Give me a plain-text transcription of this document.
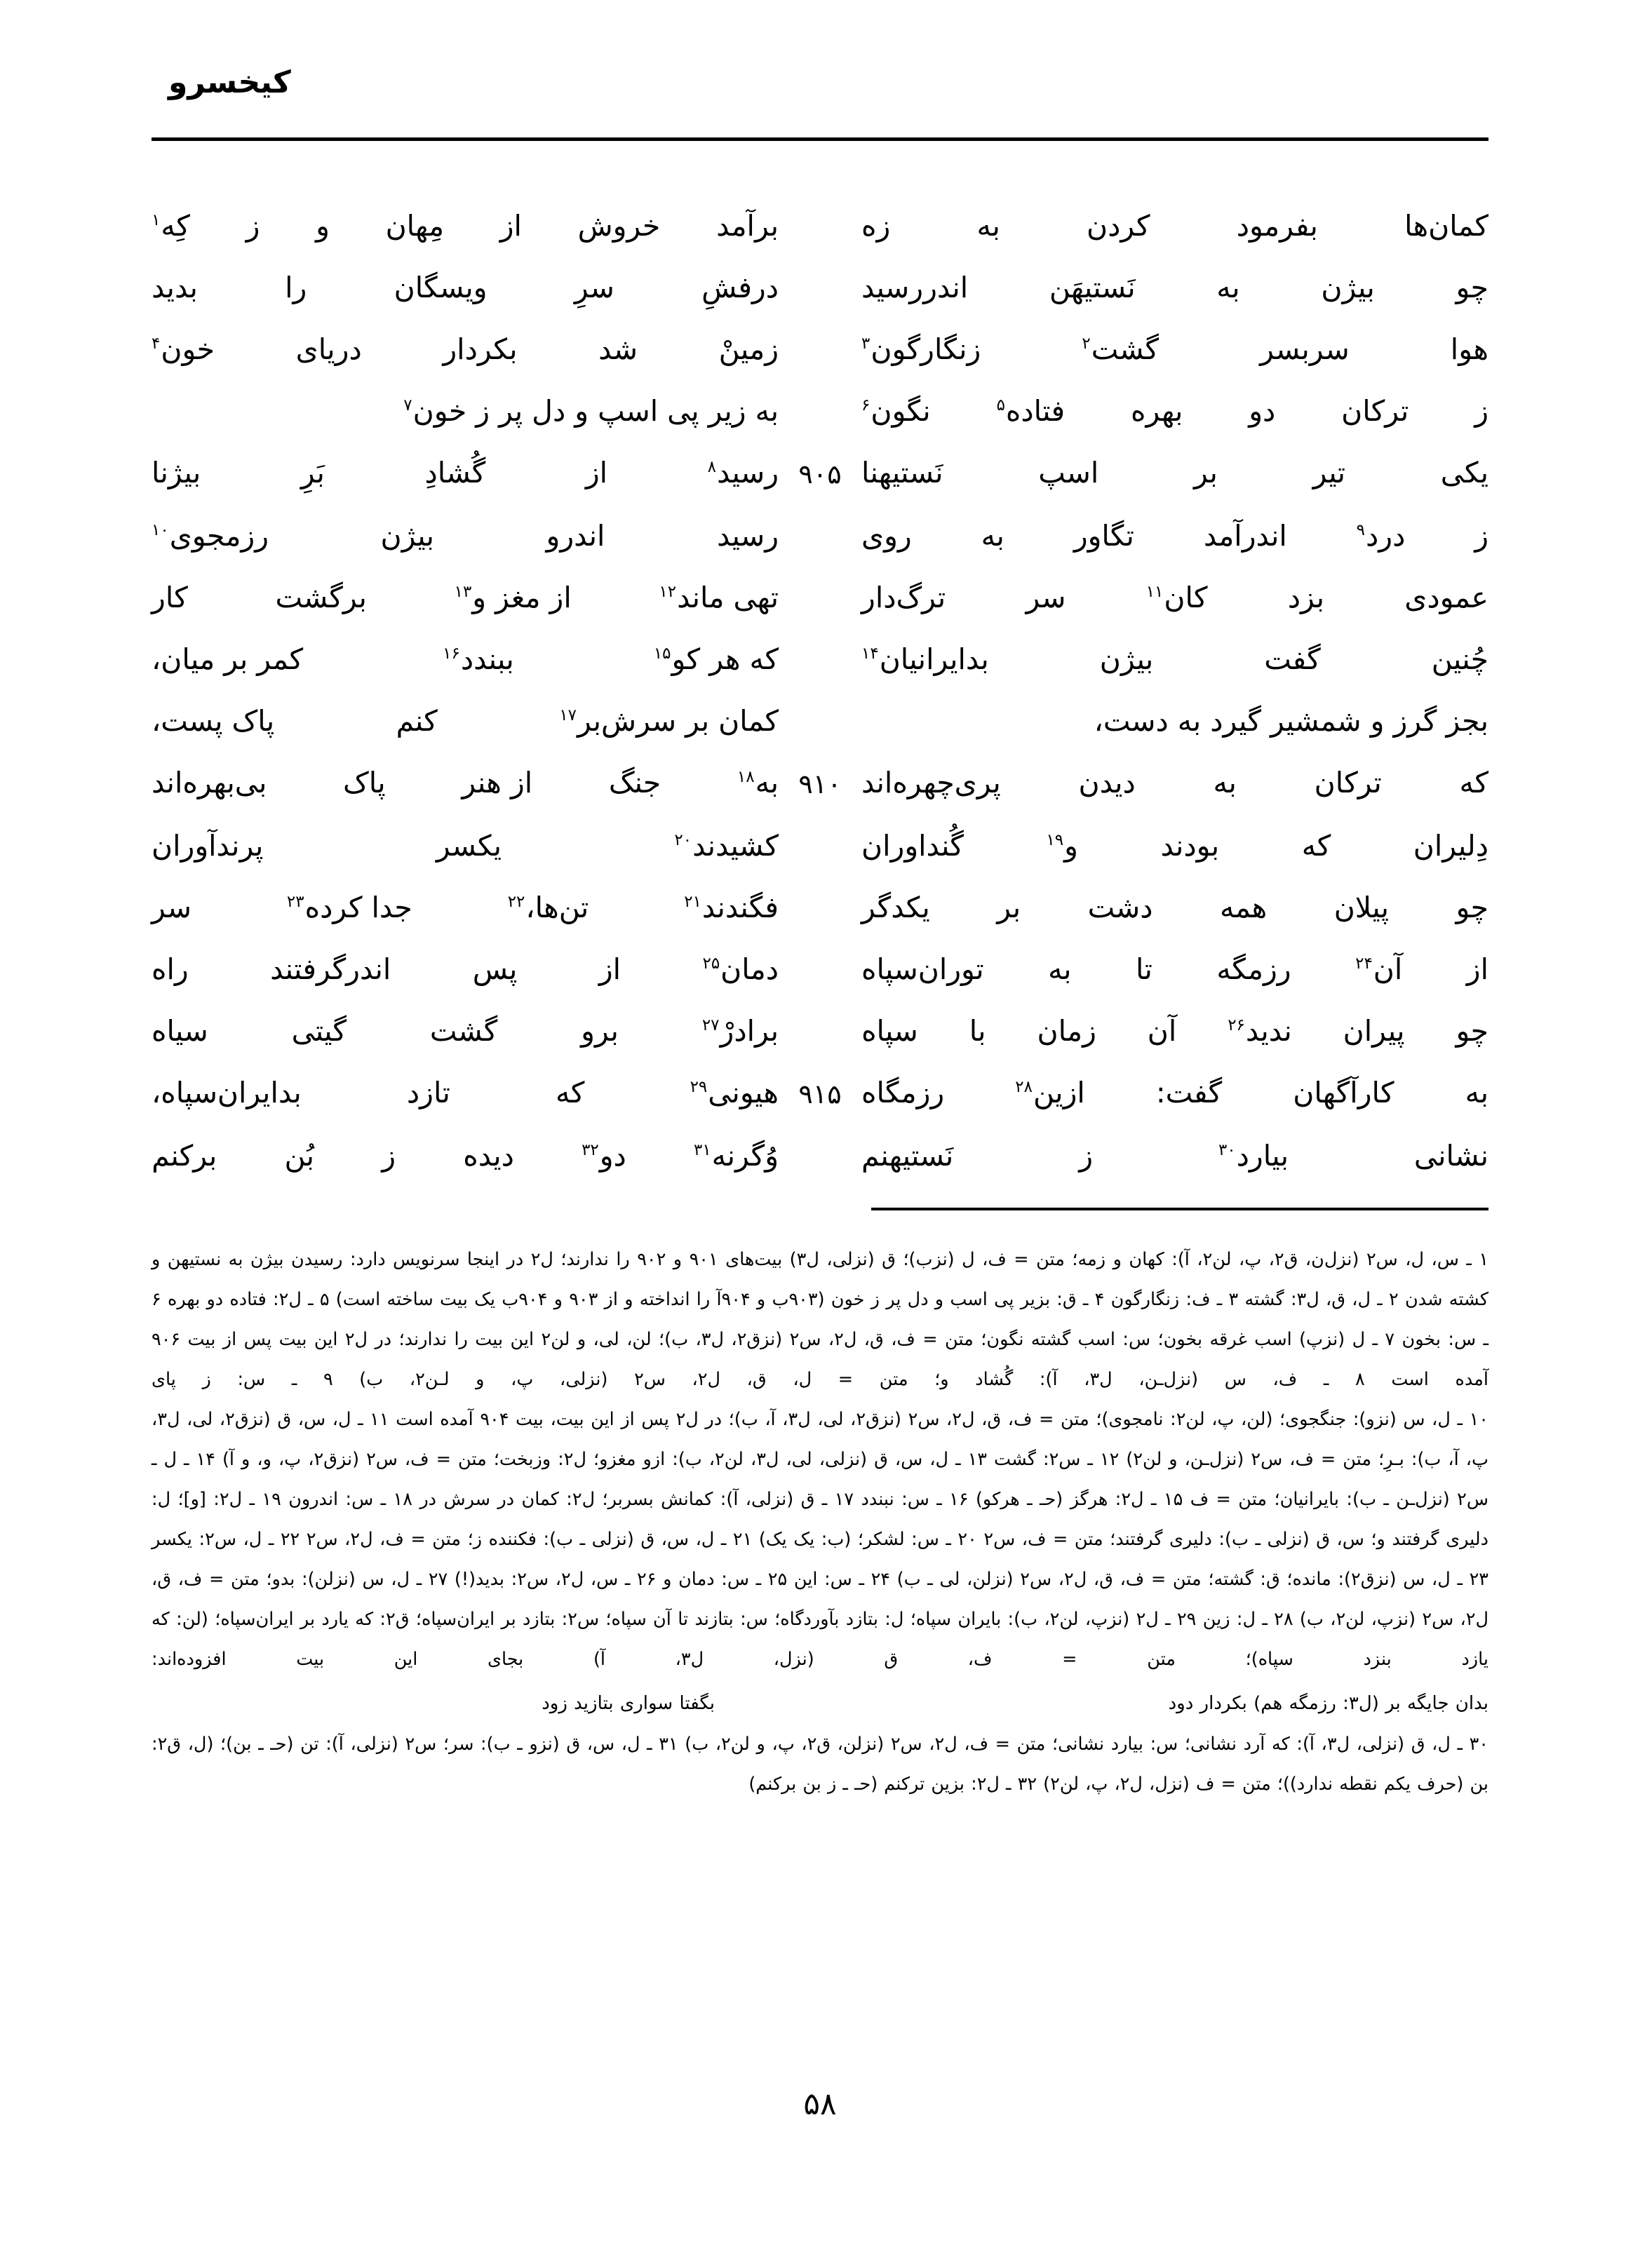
کیخسرو
کمان‌ها
بفرمود
کردن
به
زه
برآمد
خروش
از
مِهان
و
ز
کِه$^۱$
چو
بیژن
به
نَستیهَن
اندررسید
درفشِ
سرِ
ویسگان
را
بدید
هوا
سربسر
گشت$^۲$
زنگارگون$^۳$
زمینْ
شد
بکردار
دریای
خون$^۴$
ز
ترکان
دو
بهره
فتاده$^۵$
نگون$^۶$
به زیر پی اسپ و دل پر ز خون$^۷$
یکی
تیر
بر
اسپ
نَستیهنا
۹۰۵
رسید$^۸$
از
گُشادِ
بَرِ
بیژنا
ز
درد$^۹$
اندرآمد
تگاور
به
روی
رسید
اندرو
بیژن
رزمجوی$^{۱۰}$
عمودی
بزد
کان$^{۱۱}$
سر
ترگ‌دار
تهی ماند$^{۱۲}$
از مغز و$^{۱۳}$
برگشت
کار
چُنین
گفت
بیژن
بدایرانیان$^{۱۴}$
که هر کو$^{۱۵}$
ببندد$^{۱۶}$
کمر بر میان،
بجز گرز و شمشیر گیرد به دست،
کمان بر سرش‌بر$^{۱۷}$
کنم
پاک پست،
که
ترکان
به
دیدن
پری‌چهره‌اند
۹۱۰
به$^{۱۸}$
جنگ
از هنر
پاک
بی‌بهره‌اند
دِلیران
که
بودند
و$^{۱۹}$
گُنداوران
کشیدند$^{۲۰}$
یکسر
پرندآوران
چو
پیلان
همه
دشت
بر
یکدگر
فگندند$^{۲۱}$
تن‌ها،$^{۲۲}$
جدا کرده$^{۲۳}$
سر
از
آن$^{۲۴}$
رزمگه
تا
به
توران‌سپاه
دمان$^{۲۵}$
از
پس
اندرگرفتند
راه
چو
پیران
ندید$^{۲۶}$
آن
زمان
با
سپاه
برادرْ$^{۲۷}$
برو
گشت
گیتی
سیاه
به
کارآگهان
گفت:
ازین$^{۲۸}$
رزمگاه
۹۱۵
هیونی$^{۲۹}$
که
تازد
بدایران‌سپاه،
نشانی
بیارد$^{۳۰}$
ز
نَستیهنم
وُگرنه$^{۳۱}$
دو$^{۳۲}$
دیده
ز
بُن
برکنم

۱ ـ س، ل، س٢ (نزل‌ن، ق٢، پ، لن٢، آ): کهان و زمه؛ متن = ف، ل (نزب)؛ ق (نزلی، ل٣) بیت‌های ۹۰۱ و ۹۰۲ را ندارند؛ ل٢ در اینجا سرنویس دارد: رسیدن بیژن به نستیهن و کشته شدن ۲ ـ ل، ق، ل٣: گشته ۳ ـ ف: زنگارگون ۴ ـ ق: بزیر پی اسب و دل پر ز خون (۹۰۳ب و ۹۰۴آ را انداخته و از ۹۰۳ و ۹۰۴ب یک بیت ساخته است) ۵ ـ ل٢: فتاده دو بهره ۶ ـ س: بخون ۷ ـ ل (نزپ) اسب غرقه بخون؛ س: اسب گشته نگون؛ متن = ف، ق، ل٢، س٢ (نزق٢، ل٣، ب)؛ لن، لی، و لن٢ این بیت را ندارند؛ در ل٢ این بیت پس از بیت ۹۰۶ آمده است ۸ ـ ف، س (نزل‌ـن، ل٣، آ): گُشاد و؛ متن = ل، ق، ل٢، س٢ (نزلی، پ، و لـن٢، ب) ۹ ـ س: ز پای

۱۰ ـ ل، س (نزو): جنگجوی؛ (لن، پ، لن٢: نامجوی)؛ متن = ف، ق، ل٢، س٢ (نزق٢، لی، ل٣، آ، ب)؛ در ل٢ پس از این بیت، بیت ۹۰۴ آمده است ۱۱ ـ ل، س، ق (نزق٢، لی، ل٣، پ، آ، ب): بـرِ؛ متن = ف، س٢ (نزل‌ـن، و لن٢) ۱۲ ـ س٢: گشت ۱۳ ـ ل، س، ق (نزلی، لی، ل٣، لن٢، ب): ازو مغزو؛ ل٢: وزبخت؛ متن = ف، س٢ (نزق٢، پ، و، و آ) ۱۴ ـ ل ـ س٢ (نزل‌ـن ـ ب): بایرانیان؛ متن = ف ۱۵ ـ ل٢: هرگز (حـ ـ هرکو) ۱۶ ـ س: نبندد ۱۷ ـ ق (نزلی، آ): کمانش بسربر؛ ل٢: کمان در سرش در ۱۸ ـ س: اندرون ۱۹ ـ ل٢: [و]؛ ل: دلیری گرفتند و؛ س، ق (نزلی ـ ب): دلیری گرفتند؛ متن = ف، س٢ ۲۰ ـ س: لشکر؛ (ب: یک یک) ۲۱ ـ ل، س، ق (نزلی ـ ب): فکننده ز؛ متن = ف، ل٢، س٢ ۲۲ ـ ل، س٢: یکسر ۲۳ ـ ل، س (نزق٢): مانده؛ ق: گشته؛ متن = ف، ق، ل٢، س٢ (نزلن، لی ـ ب) ۲۴ ـ س: این ۲۵ ـ س: دمان و ۲۶ ـ س، ل٢، س٢: بدید(!) ۲۷ ـ ل، س (نزلن): بدو؛ متن = ف، ق، ل٢، س٢ (نزپ، لن٢، ب) ۲۸ ـ ل: زین ۲۹ ـ ل٢ (نزپ، لن٢، ب): بایران سپاه؛ ل: بتازد بآوردگاه؛ س: بتازند تا آن سپاه؛ س٢: بتازد بر ایران‌سپاه؛ ق٢: که یارد بر ایران‌سپاه؛ (لن: که یازد بنزد سپاه)؛ متن = ف، ق (نزل، ل٣، آ) بجای این بیت افزوده‌اند:

بدان جایگه بر (ل٣: رزمگه هم) بکردار دود
بگفتا سواری بتازید زود

۳۰ ـ ل، ق (نزلی، ل٣، آ): که آرد نشانی؛ س: بیارد نشانی؛ متن = ف، ل٢، س٢ (نزلن، ق٢، پ، و لن٢، ب) ۳۱ ـ ل، س، ق (نزو ـ ب): سر؛ س٢ (نزلی، آ): تن (حـ ـ بن)؛ (ل، ق٢: بن (حرف یکم نقطه ندارد))؛ متن = ف (نزل، ل٢، پ، لن٢) ۳۲ ـ ل٢: بزین ترکنم (حـ ـ ز بن برکنم)

۵۸
